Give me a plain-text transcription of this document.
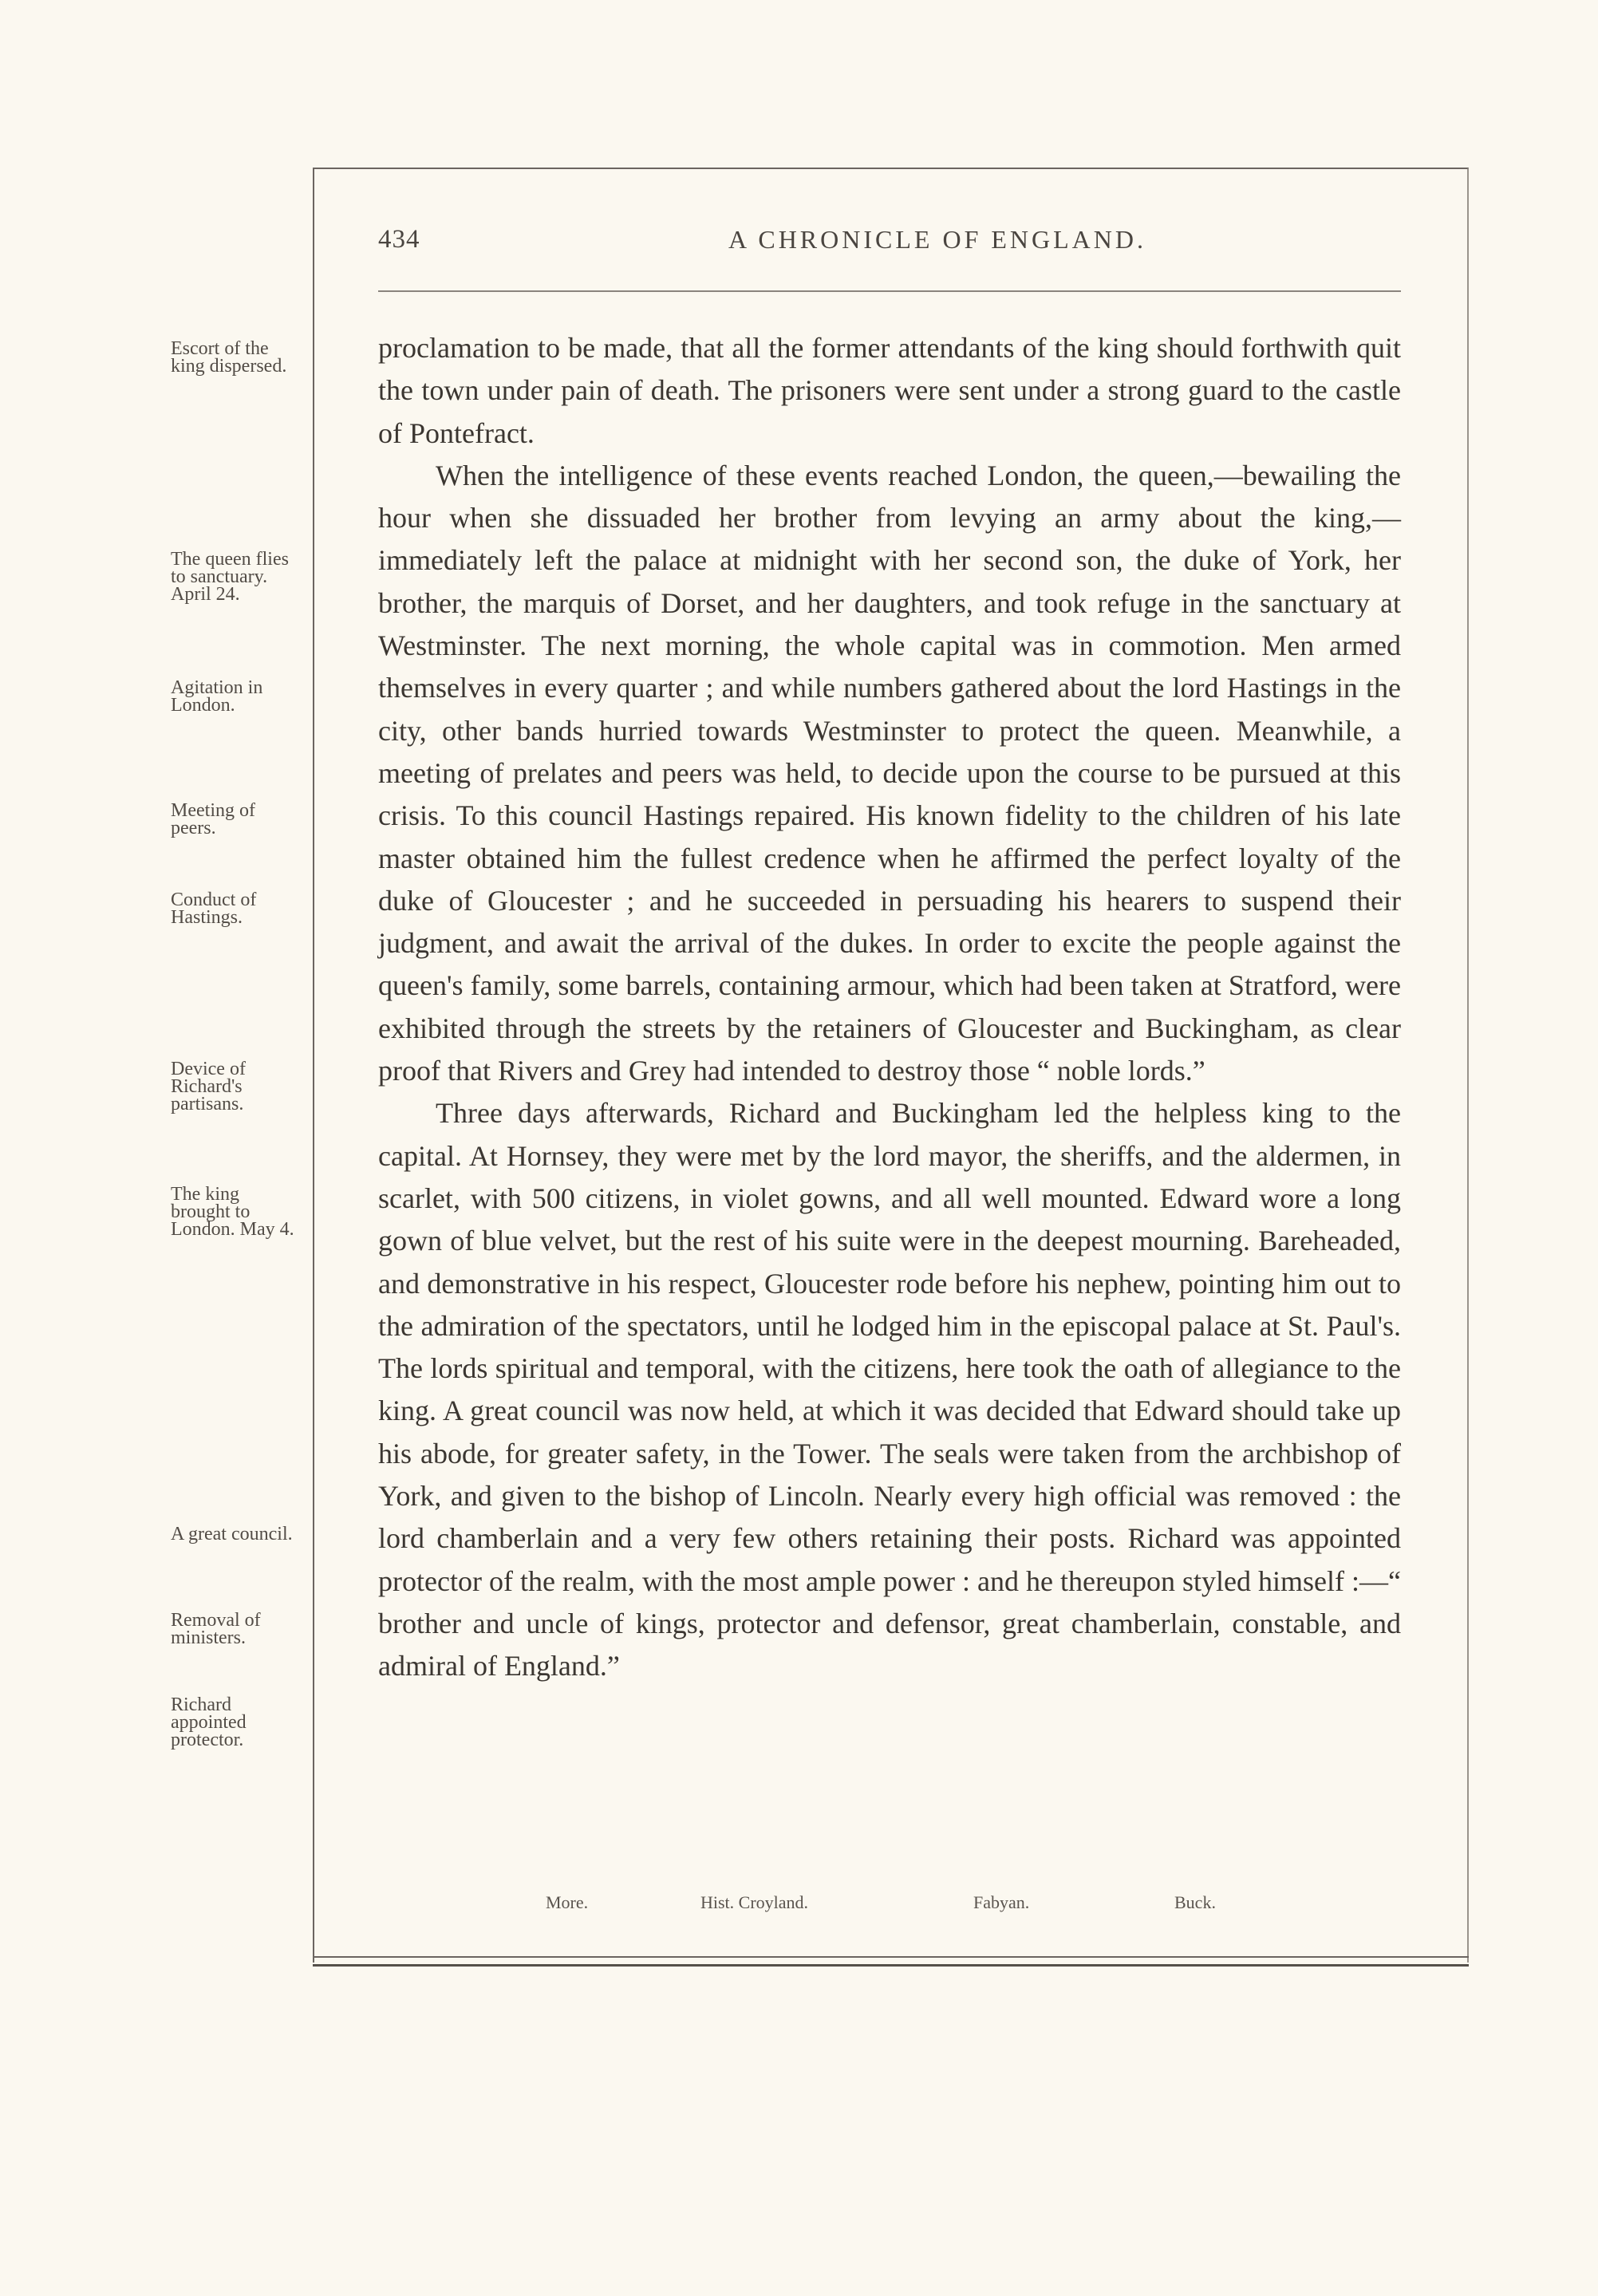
434	A CHRONICLE OF ENGLAND.
Escort of the king dispersed.
The queen flies to sanctuary. April 24.
Agitation in London.
Meeting of peers.
Conduct of Hastings.
Device of Richard's partisans.
The king brought to London. May 4.
A great council.
Removal of ministers.
Richard appointed protector.

proclamation to be made, that all the former attendants of the king should forthwith quit the town under pain of death. The prisoners were sent under a strong guard to the castle of Pontefract.

When the intelligence of these events reached London, the queen,—bewailing the hour when she dissuaded her brother from levying an army about the king,—immediately left the palace at midnight with her second son, the duke of York, her brother, the marquis of Dorset, and her daughters, and took refuge in the sanctuary at Westminster. The next morning, the whole capital was in commotion. Men armed themselves in every quarter ; and while numbers gathered about the lord Hastings in the city, other bands hurried towards Westminster to protect the queen. Meanwhile, a meeting of prelates and peers was held, to decide upon the course to be pursued at this crisis. To this council Hastings repaired. His known fidelity to the children of his late master obtained him the fullest credence when he affirmed the perfect loyalty of the duke of Gloucester ; and he succeeded in persuading his hearers to suspend their judgment, and await the arrival of the dukes. In order to excite the people against the queen's family, some barrels, containing armour, which had been taken at Stratford, were exhibited through the streets by the retainers of Gloucester and Buckingham, as clear proof that Rivers and Grey had intended to destroy those “ noble lords.”

Three days afterwards, Richard and Buckingham led the helpless king to the capital. At Hornsey, they were met by the lord mayor, the sheriffs, and the aldermen, in scarlet, with 500 citizens, in violet gowns, and all well mounted. Edward wore a long gown of blue velvet, but the rest of his suite were in the deepest mourning. Bareheaded, and demonstrative in his respect, Gloucester rode before his nephew, pointing him out to the admiration of the spectators, until he lodged him in the episcopal palace at St. Paul's. The lords spiritual and temporal, with the citizens, here took the oath of allegiance to the king. A great council was now held, at which it was decided that Edward should take up his abode, for greater safety, in the Tower. The seals were taken from the archbishop of York, and given to the bishop of Lincoln. Nearly every high official was removed : the lord chamberlain and a very few others retaining their posts. Richard was appointed protector of the realm, with the most ample power : and he thereupon styled himself :—“ brother and uncle of kings, protector and defensor, great chamberlain, constable, and admiral of England.”

More.	Hist. Croyland.	Fabyan.	Buck.
